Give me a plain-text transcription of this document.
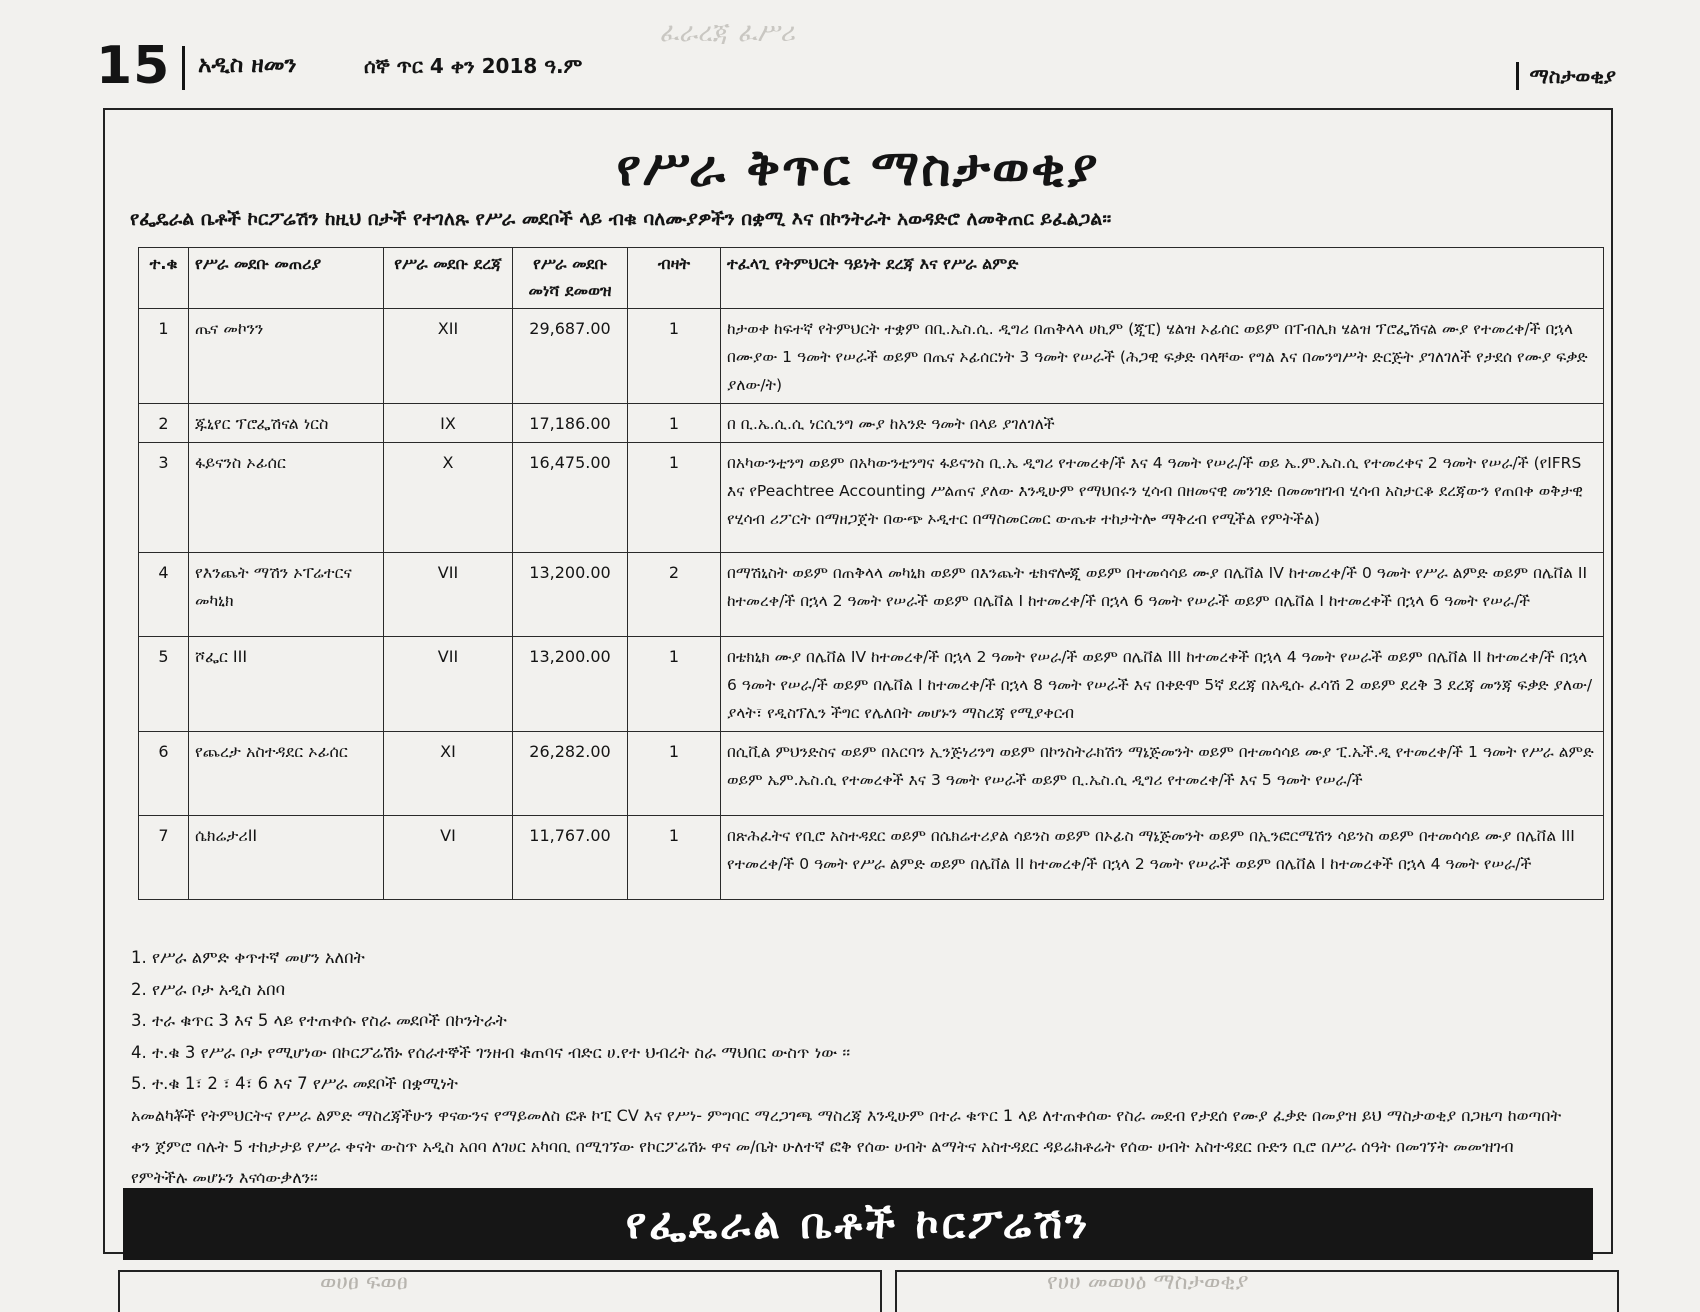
ፈራረጃ ፈሥሪ
15 አዲስ ዘመን	ሰኞ ጥር 4 ቀን 2018 ዓ.ም	ማስታወቂያ
የሥራ ቅጥር ማስታወቂያ
የፌዴራል ቤቶች ኮርፖሬሽን ከዚህ በታች የተገለጹ የሥራ መደቦች ላይ ብቁ ባለሙያዎችን በቋሚ እና በኮንትራት አወዳድሮ ለመቅጠር ይፈልጋል፡፡
ተ.ቁ	የሥራ መደቡ መጠሪያ	የሥራ መደቡ ደረጃ	የሥራ መደቡ መነሻ ደመወዝ	ብዛት	ተፈላጊ የትምህርት ዓይነት ደረጃ እና የሥራ ልምድ
1	ጤና መኮንን	XII	29,687.00	1	ከታወቀ ከፍተኛ የትምህርት ተቋም በቢ.ኤስ.ሲ. ዲግሪ በጠቅላላ ሀኪም (ጂፒ) ሄልዝ ኦፊሰር ወይም በፐብሊክ ሄልዝ ፕሮፌሽናል ሙያ የተመረቀ/ች በኋላ በሙያው 1 ዓመት የሠራች ወይም በጤና ኦፊሰርነት 3 ዓመት የሠራች (ሕጋዊ ፍቃድ ባላቸው የግል እና በመንግሥት ድርጅት ያገለገለች የታደሰ የሙያ ፍቃድ ያለው/ት)
2	ጁኒየር ፕሮፌሽናል ነርስ	IX	17,186.00	1	በ ቢ.ኤ.ሲ.ሲ ነርሲንግ ሙያ ከአንድ ዓመት በላይ ያገለገለች
3	ፋይናንስ ኦፊሰር	X	16,475.00	1	በአካውንቲንግ ወይም በአካውንቲንግና ፋይናንስ ቢ.ኤ ዲግሪ የተመረቀ/ች እና 4 ዓመት የሠራ/ች ወይ ኤ.ም.ኤስ.ሲ የተመረቀና 2 ዓመት የሠራ/ች (የIFRS እና የPeachtree Accounting ሥልጠና ያለው እንዲሁም የማህበሩን ሂሳብ በዘመናዊ መንገድ በመመዝገብ ሂሳብ አስታርቆ ደረጃውን የጠበቀ ወቅታዊ የሂሳብ ሪፖርት በማዘጋጀት በውጭ ኦዲተር በማስመርመር ውጤቱ ተከታትሎ ማቅረብ የሚችል የምትችል)
4	የእንጨት ማሽን ኦፐሬተርና መካኒክ	VII	13,200.00	2	በማሽኒስት ወይም በጠቅላላ መካኒክ ወይም በእንጨት ቴክኖሎጂ ወይም በተመሳሳይ ሙያ በሌቨል IV ከተመረቀ/ች 0 ዓመት የሥራ ልምድ ወይም በሌቨል II ከተመረቀ/ች በኋላ 2 ዓመት የሠራች ወይም በሌቨል I ከተመረቀ/ች በኋላ 6 ዓመት የሠራች ወይም በሌቨል I ከተመረቀች በኋላ 6 ዓመት የሠራ/ች
5	ሾፌር III	VII	13,200.00	1	በቴክኒክ ሙያ በሌቨል IV ከተመረቀ/ች በኋላ 2 ዓመት የሠራ/ች ወይም በሌቨል III ከተመረቀች በኋላ 4 ዓመት የሠራች ወይም በሌቨል II ከተመረቀ/ች በኋላ 6 ዓመት የሠራ/ች ወይም በሌቨል I ከተመረቀ/ች በኋላ 8 ዓመት የሠራች እና በቀድሞ 5ኛ ደረጃ በአዲሱ ፈሳሽ 2 ወይም ደረቅ 3 ደረጃ መንጃ ፍቃድ ያለው/ያላት፣ የዲስፕሊን ችግር የሌለበት መሆኑን ማስረጃ የሚያቀርብ
6	የጨረታ አስተዳደር ኦፊሰር	XI	26,282.00	1	በሲቪል ምህንድስና ወይም በአርባን ኢንጅነሪንግ ወይም በኮንስትራክሽን ማኔጅመንት ወይም በተመሳሳይ ሙያ ፒ.ኤች.ዲ የተመረቀ/ች 1 ዓመት የሥራ ልምድ ወይም ኤም.ኤስ.ሲ የተመረቀች እና 3 ዓመት የሠራች ወይም ቢ.ኤስ.ሲ ዲግሪ የተመረቀ/ች እና 5 ዓመት የሠራ/ች
7	ሴክሬታሪII	VI	11,767.00	1	በጽሕፈትና የቢሮ አስተዳደር ወይም በሴክሬተሪያል ሳይንስ ወይም በኦፊስ ማኔጅመንት ወይም በኢንፎርሜሽን ሳይንስ ወይም በተመሳሳይ ሙያ በሌቨል III የተመረቀ/ች 0 ዓመት የሥራ ልምድ ወይም በሌቨል II ከተመረቀ/ች በኋላ 2 ዓመት የሠራች ወይም በሌቨል I ከተመረቀች በኋላ 4 ዓመት የሠራ/ች
1. የሥራ ልምድ ቀጥተኛ መሆን አለበት
2. የሥራ ቦታ አዲስ አበባ
3. ተራ ቁጥር 3 እና 5 ላይ የተጠቀሱ የስራ መደቦች በኮንትራት
4. ተ.ቁ 3 የሥራ ቦታ የሚሆነው በኮርፖሬሽኑ የሰራተኞች ገንዘብ ቁጠባና ብድር ሀ.የተ ህብረት ስራ ማህበር ውስጥ ነው ፡፡
5. ተ.ቁ 1፣ 2 ፣ 4፣ 6 እና 7 የሥራ መደቦች በቋሚነት
አመልካቾች የትምህርትና የሥራ ልምድ ማስረጃችሁን ዋናውንና የማይመለስ ፎቶ ኮፒ CV እና የሥነ- ምግባር ማረጋገጫ ማስረጃ እንዲሁም በተራ ቁጥር 1 ላይ ለተጠቀሰው የስራ መደብ የታደሰ የሙያ ፈቃድ በመያዝ ይህ ማስታወቂያ በጋዜጣ ከወጣበት ቀን ጀምሮ ባሉት 5 ተከታታይ የሥራ ቀናት ውስጥ አዲስ አበባ ለገሀር አካባቢ በሚገኘው የኮርፖሬሽኑ ዋና መ/ቤት ሁለተኛ ፎቅ የሰው ሀብት ልማትና አስተዳደር ዳይሬክቶሬት የሰው ሀብት አስተዳደር ቡድን ቢሮ በሥራ ሰዓት በመገኘት መመዝገብ የምትችሉ መሆኑን እናሳውቃለን፡፡
የፌዴራል ቤቶች ኮርፖሬሽን
ወሀፀ ፍወፀ	የሀሀ መወሀዕ ማስታወቂያ
